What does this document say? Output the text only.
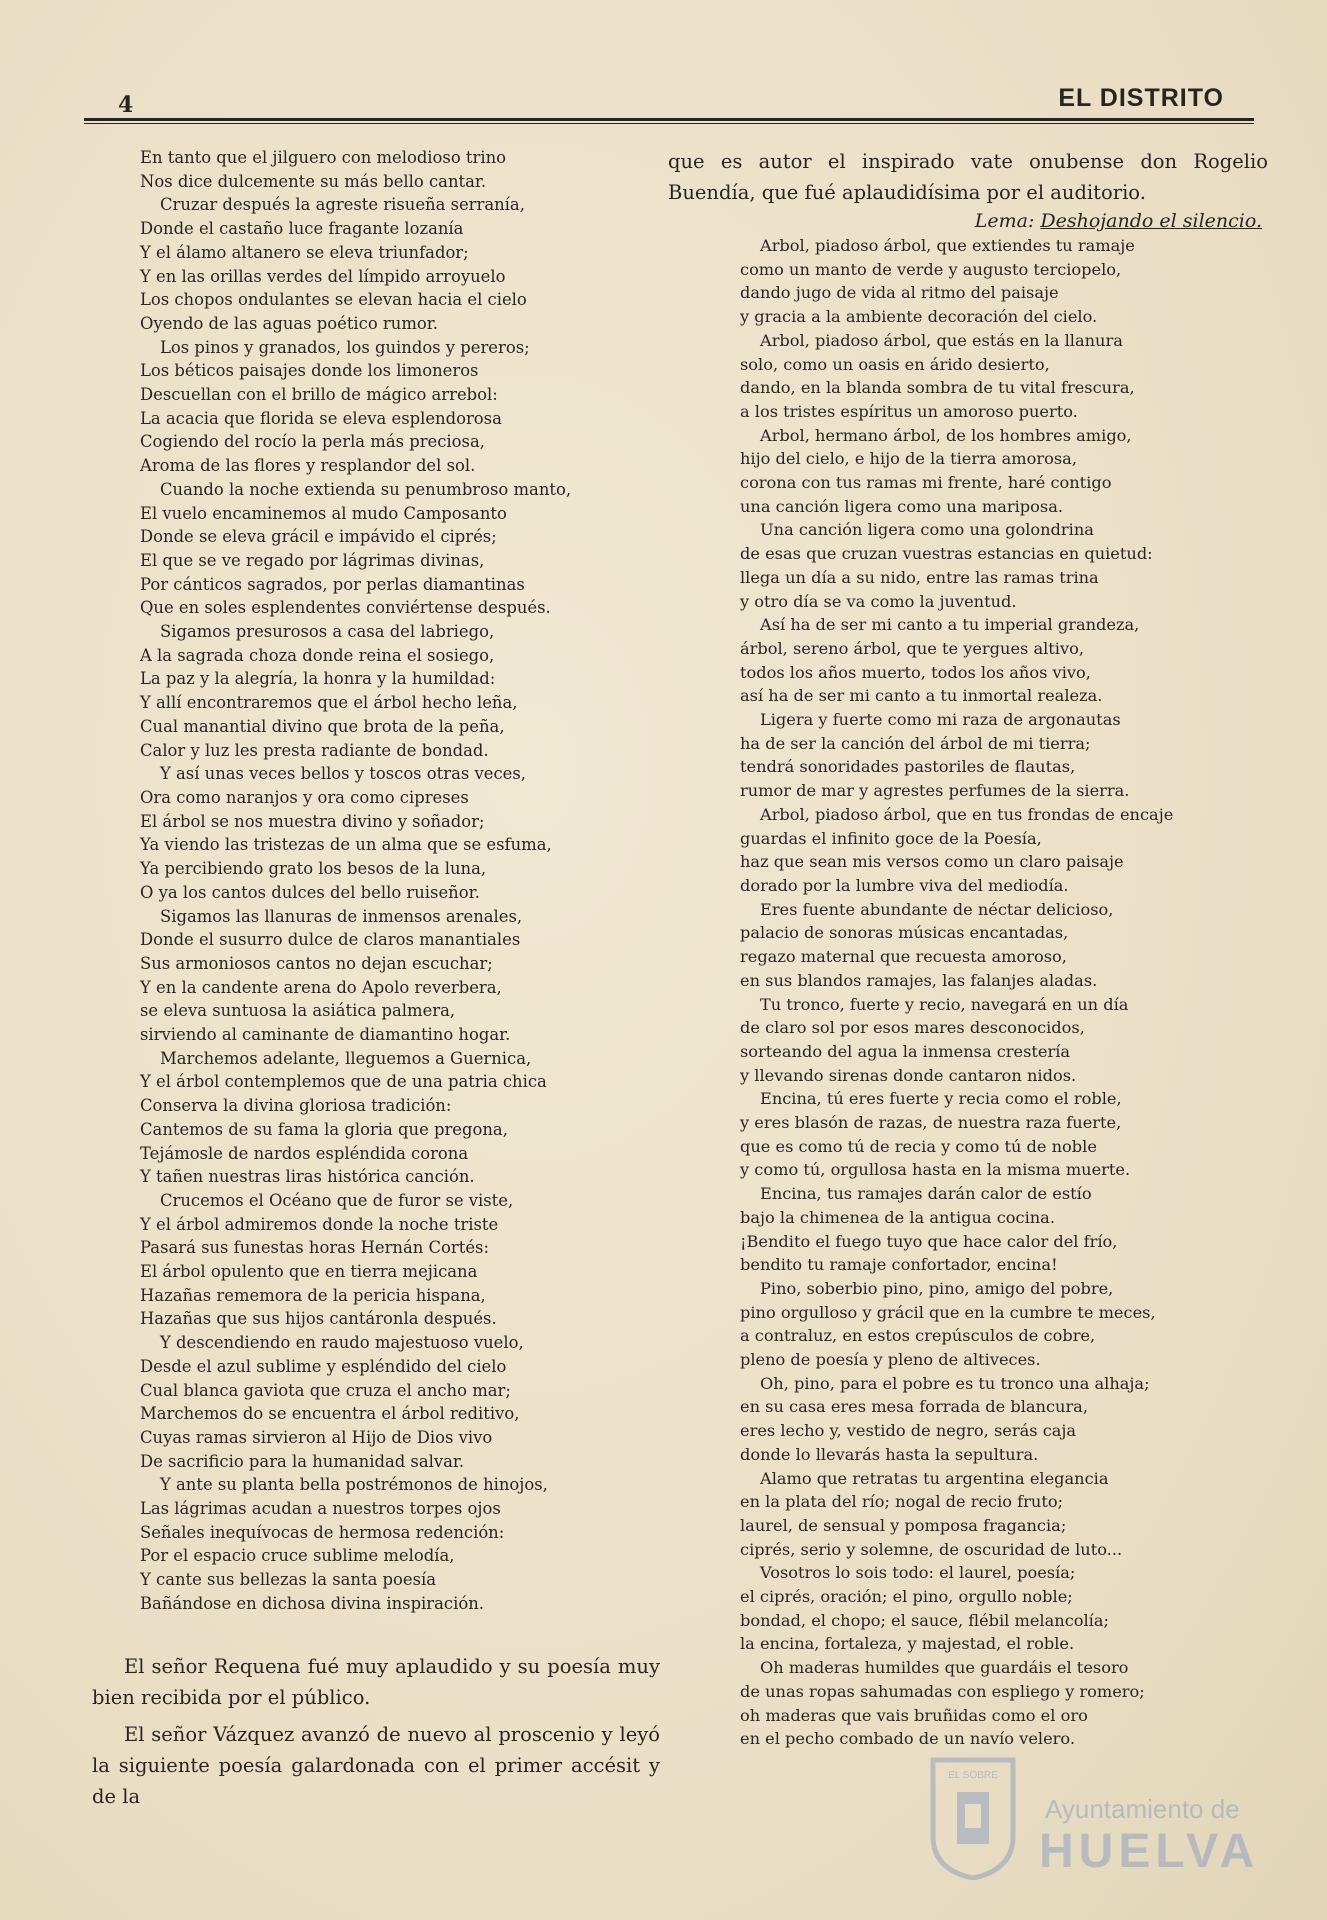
4	EL DISTRITO
En tanto que el jilguero con melodioso trino
Nos dice dulcemente su más bello cantar.
Cruzar después la agreste risueña serranía,
Donde el castaño luce fragante lozanía
Y el álamo altanero se eleva triunfador;
Y en las orillas verdes del límpido arroyuelo
Los chopos ondulantes se elevan hacia el cielo
Oyendo de las aguas poético rumor.
Los pinos y granados, los guindos y pereros;
Los béticos paisajes donde los limoneros
Descuellan con el brillo de mágico arrebol:
La acacia que florida se eleva esplendorosa
Cogiendo del rocío la perla más preciosa,
Aroma de las flores y resplandor del sol.
Cuando la noche extienda su penumbroso manto,
El vuelo encaminemos al mudo Camposanto
Donde se eleva grácil e impávido el ciprés;
El que se ve regado por lágrimas divinas,
Por cánticos sagrados, por perlas diamantinas
Que en soles esplendentes conviértense después.
Sigamos presurosos a casa del labriego,
A la sagrada choza donde reina el sosiego,
La paz y la alegría, la honra y la humildad:
Y allí encontraremos que el árbol hecho leña,
Cual manantial divino que brota de la peña,
Calor y luz les presta radiante de bondad.
Y así unas veces bellos y toscos otras veces,
Ora como naranjos y ora como cipreses
El árbol se nos muestra divino y soñador;
Ya viendo las tristezas de un alma que se esfuma,
Ya percibiendo grato los besos de la luna,
O ya los cantos dulces del bello ruiseñor.
Sigamos las llanuras de inmensos arenales,
Donde el susurro dulce de claros manantiales
Sus armoniosos cantos no dejan escuchar;
Y en la candente arena do Apolo reverbera,
se eleva suntuosa la asiática palmera,
sirviendo al caminante de diamantino hogar.
Marchemos adelante, lleguemos a Guernica,
Y el árbol contemplemos que de una patria chica
Conserva la divina gloriosa tradición:
Cantemos de su fama la gloria que pregona,
Tejámosle de nardos espléndida corona
Y tañen nuestras liras histórica canción.
Crucemos el Océano que de furor se viste,
Y el árbol admiremos donde la noche triste
Pasará sus funestas horas Hernán Cortés:
El árbol opulento que en tierra mejicana
Hazañas rememora de la pericia hispana,
Hazañas que sus hijos cantáronla después.
Y descendiendo en raudo majestuoso vuelo,
Desde el azul sublime y espléndido del cielo
Cual blanca gaviota que cruza el ancho mar;
Marchemos do se encuentra el árbol reditivo,
Cuyas ramas sirvieron al Hijo de Dios vivo
De sacrificio para la humanidad salvar.
Y ante su planta bella postrémonos de hinojos,
Las lágrimas acudan a nuestros torpes ojos
Señales inequívocas de hermosa redención:
Por el espacio cruce sublime melodía,
Y cante sus bellezas la santa poesía
Bañándose en dichosa divina inspiración.

El señor Requena fué muy aplaudido y su poesía muy bien recibida por el público.

El señor Vázquez avanzó de nuevo al proscenio y leyó la siguiente poesía galardonada con el primer accésit y de la

que es autor el inspirado vate onubense don Rogelio Buendía, que fué aplaudidísima por el auditorio.

Lema: Deshojando el silencio.
Arbol, piadoso árbol, que extiendes tu ramaje
como un manto de verde y augusto terciopelo,
dando jugo de vida al ritmo del paisaje
y gracia a la ambiente decoración del cielo.
Arbol, piadoso árbol, que estás en la llanura
solo, como un oasis en árido desierto,
dando, en la blanda sombra de tu vital frescura,
a los tristes espíritus un amoroso puerto.
Arbol, hermano árbol, de los hombres amigo,
hijo del cielo, e hijo de la tierra amorosa,
corona con tus ramas mi frente, haré contigo
una canción ligera como una mariposa.
Una canción ligera como una golondrina
de esas que cruzan vuestras estancias en quietud:
llega un día a su nido, entre las ramas trina
y otro día se va como la juventud.
Así ha de ser mi canto a tu imperial grandeza,
árbol, sereno árbol, que te yergues altivo,
todos los años muerto, todos los años vivo,
así ha de ser mi canto a tu inmortal realeza.
Ligera y fuerte como mi raza de argonautas
ha de ser la canción del árbol de mi tierra;
tendrá sonoridades pastoriles de flautas,
rumor de mar y agrestes perfumes de la sierra.
Arbol, piadoso árbol, que en tus frondas de encaje
guardas el infinito goce de la Poesía,
haz que sean mis versos como un claro paisaje
dorado por la lumbre viva del mediodía.
Eres fuente abundante de néctar delicioso,
palacio de sonoras músicas encantadas,
regazo maternal que recuesta amoroso,
en sus blandos ramajes, las falanjes aladas.
Tu tronco, fuerte y recio, navegará en un día
de claro sol por esos mares desconocidos,
sorteando del agua la inmensa crestería
y llevando sirenas donde cantaron nidos.
Encina, tú eres fuerte y recia como el roble,
y eres blasón de razas, de nuestra raza fuerte,
que es como tú de recia y como tú de noble
y como tú, orgullosa hasta en la misma muerte.
Encina, tus ramajes darán calor de estío
bajo la chimenea de la antigua cocina.
¡Bendito el fuego tuyo que hace calor del frío,
bendito tu ramaje confortador, encina!
Pino, soberbio pino, pino, amigo del pobre,
pino orgulloso y grácil que en la cumbre te meces,
a contraluz, en estos crepúsculos de cobre,
pleno de poesía y pleno de altiveces.
Oh, pino, para el pobre es tu tronco una alhaja;
en su casa eres mesa forrada de blancura,
eres lecho y, vestido de negro, serás caja
donde lo llevarás hasta la sepultura.
Alamo que retratas tu argentina elegancia
en la plata del río; nogal de recio fruto;
laurel, de sensual y pomposa fragancia;
ciprés, serio y solemne, de oscuridad de luto...
Vosotros lo sois todo: el laurel, poesía;
el ciprés, oración; el pino, orgullo noble;
bondad, el chopo; el sauce, flébil melancolía;
la encina, fortaleza, y majestad, el roble.
Oh maderas humildes que guardáis el tesoro
de unas ropas sahumadas con espliego y romero;
oh maderas que vais bruñidas como el oro
en el pecho combado de un navío velero.
EL SOBRE
Ayuntamiento de
HUELVA
